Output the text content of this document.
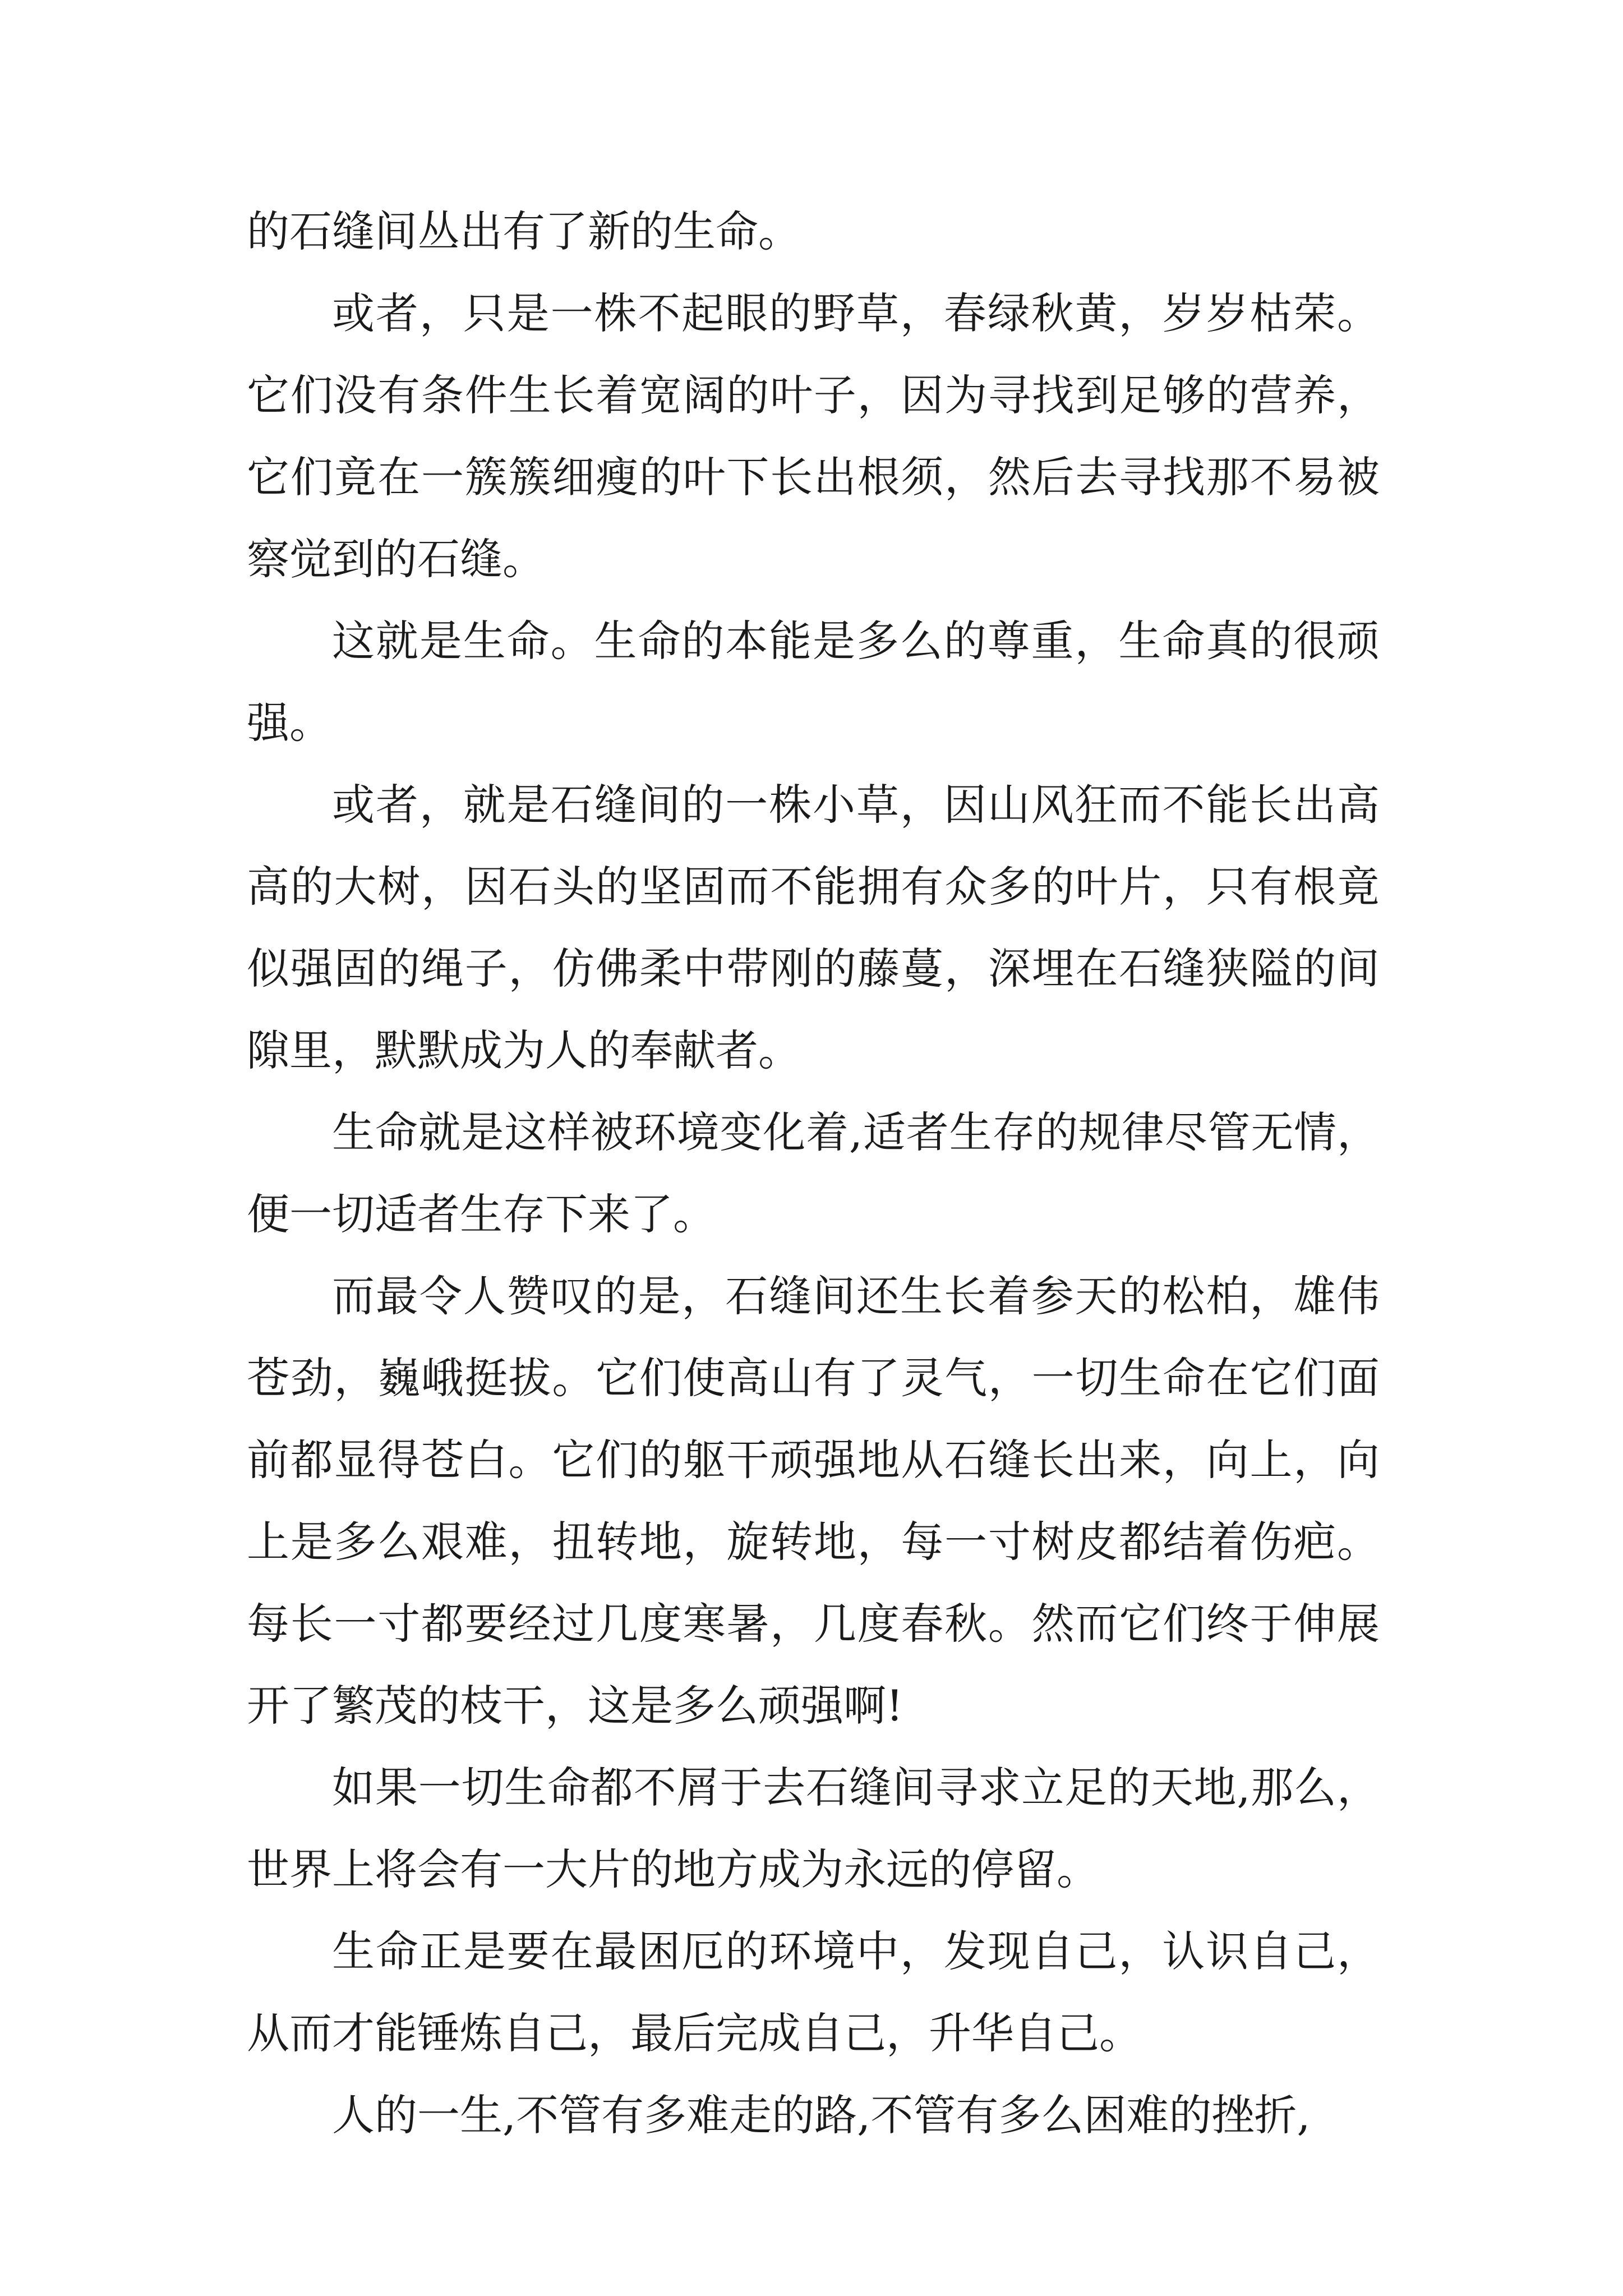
的石缝间丛出有了新的生命。

或者，只是一株不起眼的野草，春绿秋黄，岁岁枯荣。它们没有条件生长着宽阔的叶子，因为寻找到足够的营养，它们竟在一簇簇细瘦的叶下长出根须，然后去寻找那不易被察觉到的石缝。

这就是生命。生命的本能是多么的尊重，生命真的很顽强。

或者，就是石缝间的一株小草，因山风狂而不能长出高高的大树，因石头的坚固而不能拥有众多的叶片，只有根竟似强固的绳子，仿佛柔中带刚的藤蔓，深埋在石缝狭隘的间隙里，默默成为人的奉献者。

生命就是这样被环境变化着,适者生存的规律尽管无情，便一切适者生存下来了。

而最令人赞叹的是，石缝间还生长着参天的松柏，雄伟苍劲，巍峨挺拔。它们使高山有了灵气，一切生命在它们面前都显得苍白。它们的躯干顽强地从石缝长出来，向上，向上是多么艰难，扭转地，旋转地，每一寸树皮都结着伤疤。每长一寸都要经过几度寒暑，几度春秋。然而它们终于伸展开了繁茂的枝干，这是多么顽强啊!

如果一切生命都不屑于去石缝间寻求立足的天地,那么，世界上将会有一大片的地方成为永远的停留。

生命正是要在最困厄的环境中，发现自己，认识自己，从而才能锤炼自己，最后完成自己，升华自己。

人的一生,不管有多难走的路,不管有多么困难的挫折,
